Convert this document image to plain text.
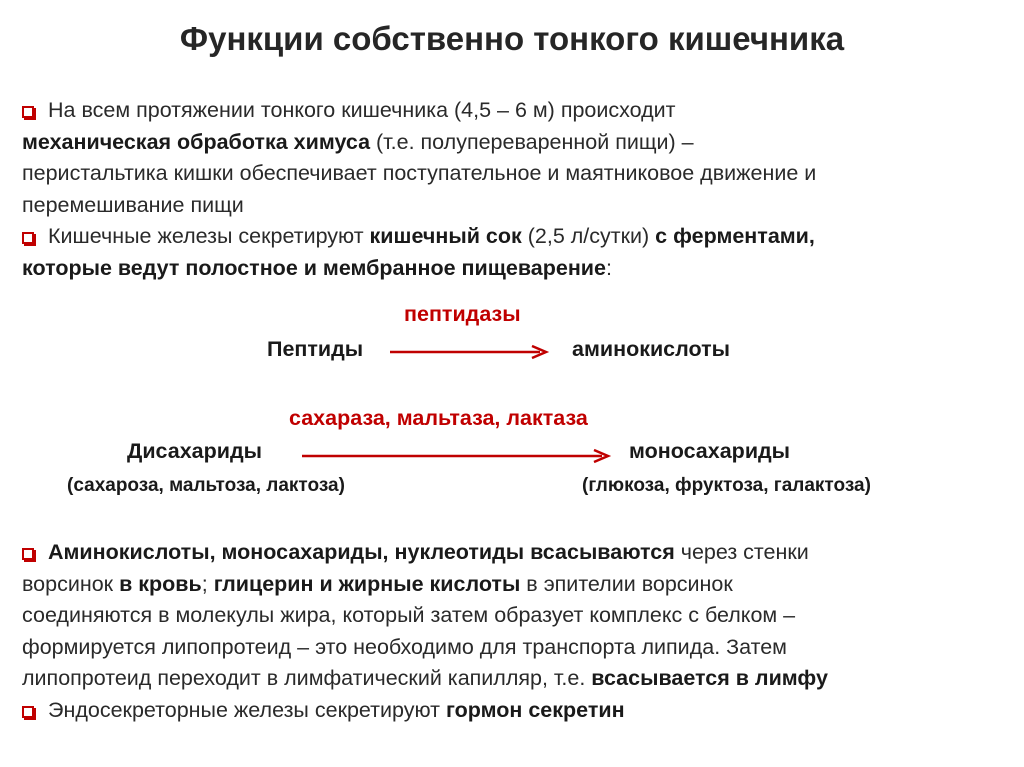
Функции собственно тонкого кишечника
На всем протяжении тонкого кишечника (4,5 – 6 м) происходит
механическая обработка химуса (т.е. полупереваренной пищи) –
перистальтика кишки обеспечивает поступательное и маятниковое движение и
перемешивание пищи
Кишечные железы секретируют кишечный сок (2,5 л/сутки) с ферментами,
которые ведут полостное и мембранное пищеварение:
пептидазы
Пептиды	аминокислоты
сахараза, мальтаза, лактаза
Дисахариды	моносахариды
(сахароза, мальтоза, лактоза)	(глюкоза, фруктоза, галактоза)
Аминокислоты, моносахариды, нуклеотиды всасываются через стенки
ворсинок в кровь; глицерин и жирные кислоты в эпителии ворсинок
соединяются в молекулы жира, который затем образует комплекс с белком –
формируется липопротеид – это необходимо для транспорта липида. Затем
липопротеид переходит в лимфатический капилляр, т.е. всасывается в лимфу
Эндосекреторные железы секретируют гормон секретин
